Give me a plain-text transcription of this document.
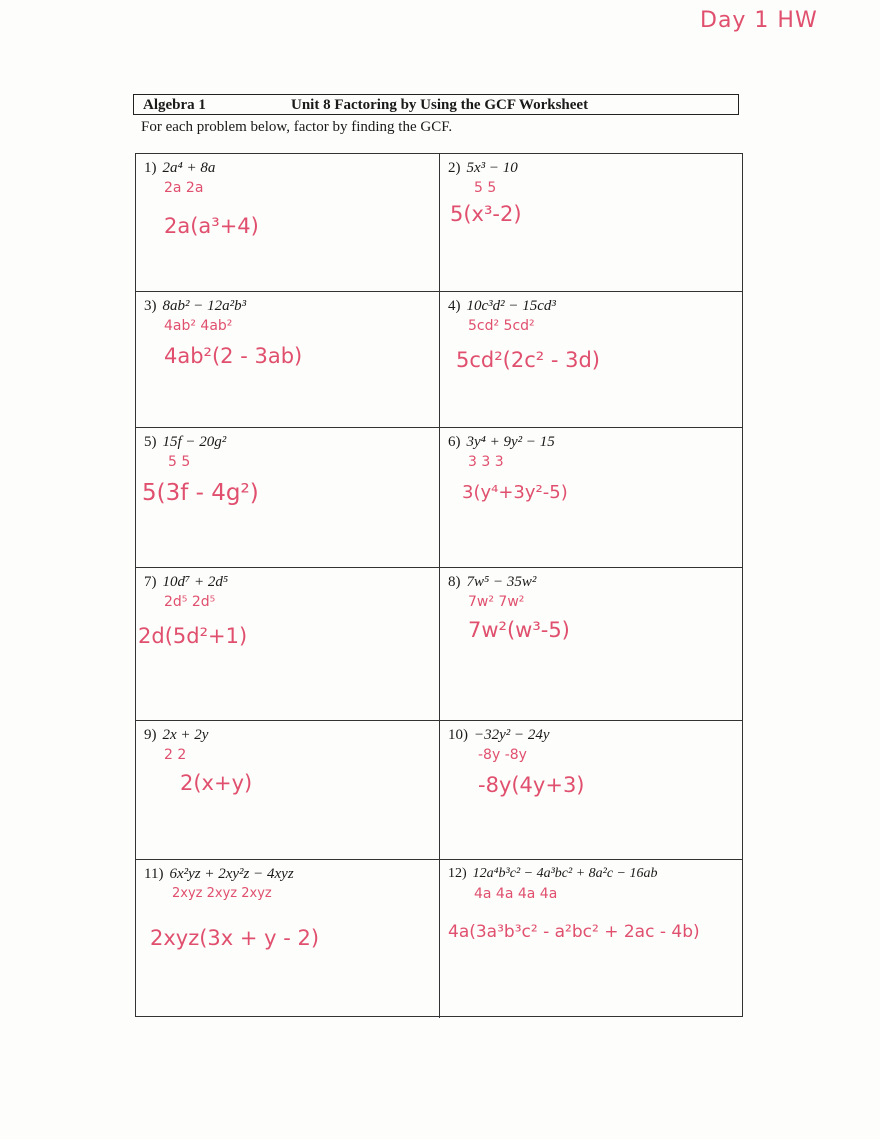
Day 1 HW
Algebra 1	Unit 8 Factoring by Using the GCF Worksheet
For each problem below, factor by finding the GCF.
1) 2a⁴ + 8a
2a 2a
2a(a³+4)
2) 5x³ − 10
5 5
5(x³-2)
3) 8ab² − 12a²b³
4ab² 4ab²
4ab²(2 - 3ab)
4) 10c³d² − 15cd³
5cd² 5cd²
5cd²(2c² - 3d)
5) 15f − 20g²
5 5
5(3f - 4g²)
6) 3y⁴ + 9y² − 15
3 3 3
3(y⁴+3y²-5)
7) 10d⁷ + 2d⁵
2d⁵ 2d⁵
2d(5d²+1)
8) 7w⁵ − 35w²
7w² 7w²
7w²(w³-5)
9) 2x + 2y
2 2
2(x+y)
10) −32y² − 24y
-8y -8y
-8y(4y+3)
11) 6x²yz + 2xy²z − 4xyz
2xyz 2xyz 2xyz
2xyz(3x + y - 2)
12) 12a⁴b³c² − 4a³bc² + 8a²c − 16ab
4a 4a 4a 4a
4a(3a³b³c² - a²bc² + 2ac - 4b)
